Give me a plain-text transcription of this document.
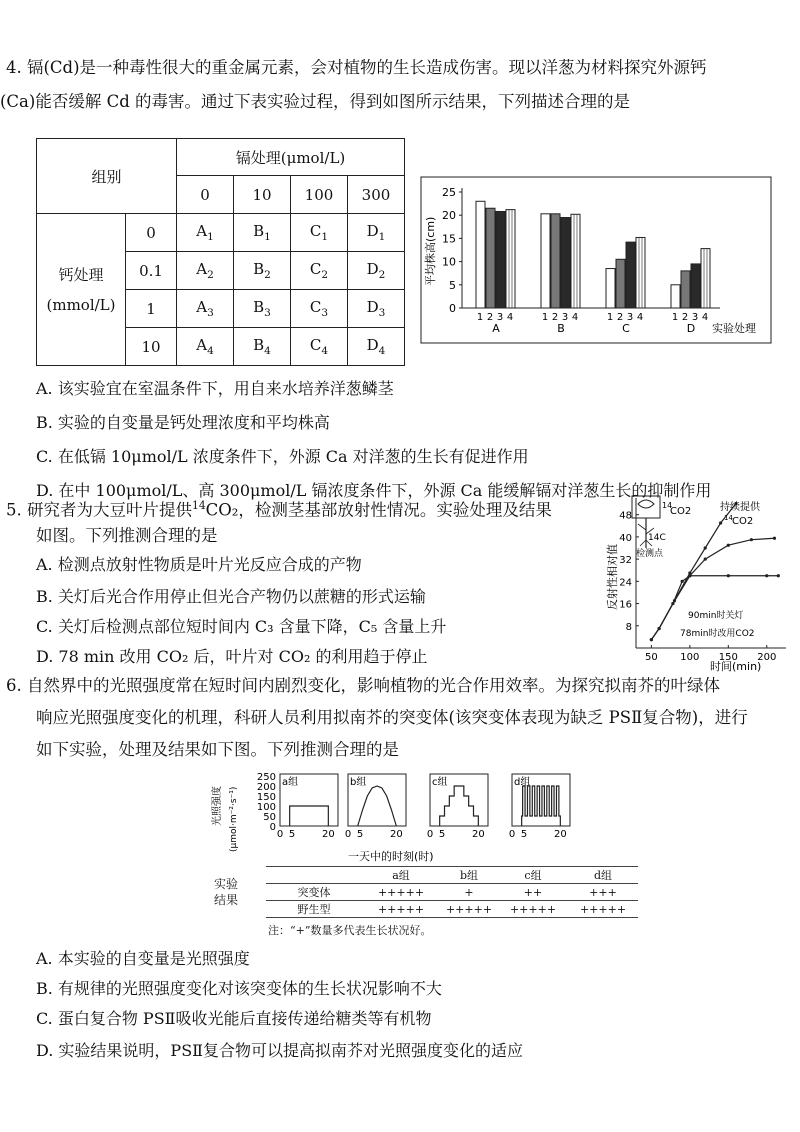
4. 镉(Cd)是一种毒性很大的重金属元素，会对植物的生长造成伤害。现以洋葱为材料探究外源钙
(Ca)能否缓解 Cd 的毒害。通过下表实验过程，得到如图所示结果，下列描述合理的是
组别		镉处理(μmol/L)			
		0	10	100	300

钙处理
(mmol/L)	0	$A_1$	$B_1$	$C_1$	$D_1$
	0.1	$A_2$	$B_2$	$C_2$	$D_2$
	1	$A_3$	$B_3$	$C_3$	$D_3$
	10	$A_4$	$B_4$	$C_4$	$D_4$
平均株高(cm)
0
5
10
15
20
25
1 2 3 4
A
1 2 3 4
B
1 2 3 4
C
1 2 3 4
D 实验处理
A. 该实验宜在室温条件下，用自来水培养洋葱鳞茎
B. 实验的自变量是钙处理浓度和平均株高
C. 在低镉 10μmol/L 浓度条件下，外源 Ca 对洋葱的生长有促进作用
D. 在中 100μmol/L、高 300μmol/L 镉浓度条件下，外源 Ca 能缓解镉对洋葱生长的抑制作用
5. 研究者为大豆叶片提供$^{14}$CO₂，检测茎基部放射性情况。实验处理及结果
如图。下列推测合理的是
A. 检测点放射性物质是叶片光反应合成的产物
B. 关灯后光合作用停止但光合产物仍以蔗糖的形式运输
C. 关灯后检测点部位短时间内 C₃ 含量下降，C₅ 含量上升
D. 78 min 改用 CO₂ 后，叶片对 CO₂ 的利用趋于停止
反射性相对值
8
16
24
32
40
48
50 100 150 200
14
CO2
14C
检测点
持续提供
14 CO2
90min时关灯
78min时改用CO2
时间(min)
6. 自然界中的光照强度常在短时间内剧烈变化，影响植物的光合作用效率。为探究拟南芥的叶绿体
响应光照强度变化的机理，科研人员利用拟南芥的突变体(该突变体表现为缺乏 PSⅡ复合物)，进行
如下实验，处理及结果如下图。下列推测合理的是
光照强度 (μmol·m⁻²·s⁻¹)	0
50
100
150
200
250 a组
0 5	20
b组
0 5	20
c组
0 5	20
d组
0 5	20
一天中的时刻(时)
实验
结果
	a组	b组	c组	d组
突变体	+++++	+	++	+++
野生型	+++++	+++++	+++++	+++++
注：“+”数量多代表生长状况好。
A. 本实验的自变量是光照强度
B. 有规律的光照强度变化对该突变体的生长状况影响不大
C. 蛋白复合物 PSⅡ吸收光能后直接传递给糖类等有机物
D. 实验结果说明，PSⅡ复合物可以提高拟南芥对光照强度变化的适应
